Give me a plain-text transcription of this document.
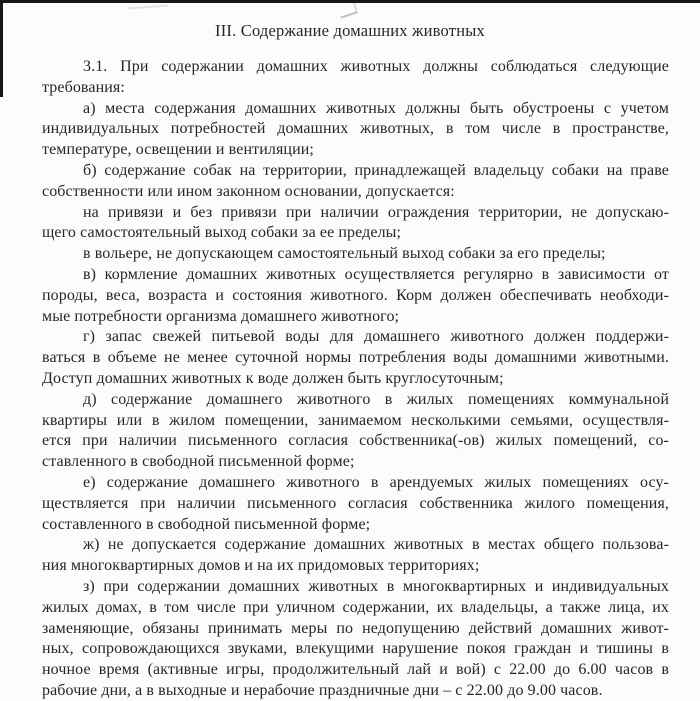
III. Содержание домашних животных
3.1. При содержании домашних животных должны соблюдаться следующие
требования:
а) места содержания домашних животных должны быть обустроены с учетом
индивидуальных потребностей домашних животных, в том числе в пространстве,
температуре, освещении и вентиляции;
б) содержание собак на территории, принадлежащей владельцу собаки на праве
собственности или ином законном основании, допускается:
на привязи и без привязи при наличии ограждения территории, не допускаю-
щего самостоятельный выход собаки за ее пределы;
в вольере, не допускающем самостоятельный выход собаки за его пределы;
в) кормление домашних животных осуществляется регулярно в зависимости от
породы, веса, возраста и состояния животного. Корм должен обеспечивать необходи-
мые потребности организма домашнего животного;
г) запас свежей питьевой воды для домашнего животного должен поддержи-
ваться в объеме не менее суточной нормы потребления воды домашними животными.
Доступ домашних животных к воде должен быть круглосуточным;
д) содержание домашнего животного в жилых помещениях коммунальной
квартиры или в жилом помещении, занимаемом несколькими семьями, осуществля-
ется при наличии письменного согласия собственника(-ов) жилых помещений, со-
ставленного в свободной письменной форме;
е) содержание домашнего животного в арендуемых жилых помещениях осу-
ществляется при наличии письменного согласия собственника жилого помещения,
составленного в свободной письменной форме;
ж) не допускается содержание домашних животных в местах общего пользова-
ния многоквартирных домов и на их придомовых территориях;
з) при содержании домашних животных в многоквартирных и индивидуальных
жилых домах, в том числе при уличном содержании, их владельцы, а также лица, их
заменяющие, обязаны принимать меры по недопущению действий домашних живот-
ных, сопровождающихся звуками, влекущими нарушение покоя граждан и тишины в
ночное время (активные игры, продолжительный лай и вой) с 22.00 до 6.00 часов в
рабочие дни, а в выходные и нерабочие праздничные дни – с 22.00 до 9.00 часов.
